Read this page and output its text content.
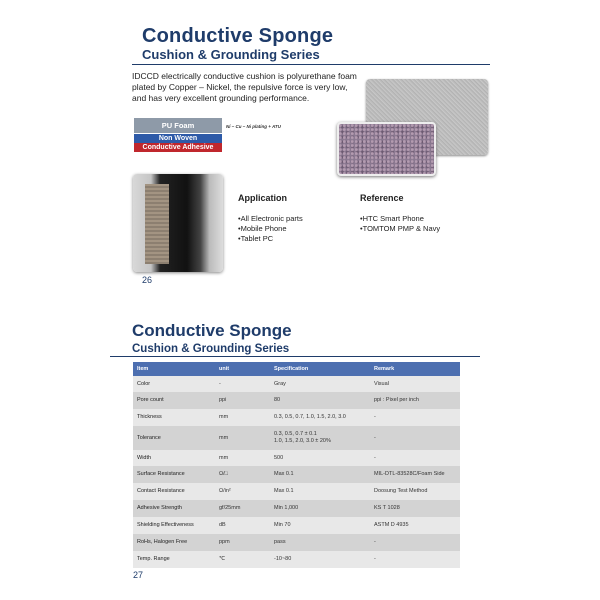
Conductive Sponge
Cushion & Grounding Series
IDCCD electrically conductive cushion is polyurethane foam plated by Copper – Nickel, the repulsive force is very low, and has very excellent grounding performance.
PU Foam
Non Woven
Conductive Adhesive
Ni – Cu – Ni plating + ATU
26
Application
•All Electronic parts
•Mobile Phone
•Tablet PC
Reference
•HTC Smart Phone
•TOMTOM PMP & Navy
Conductive Sponge
Cushion & Grounding Series
Item	unit	Specification	Remark
Color	-	Gray	Visual
Pore count	ppi	80	ppi : Pixel per inch
Thickness	mm	0.3, 0.5, 0.7, 1.0, 1.5, 2.0, 3.0	-
Tolerance	mm	0.3, 0.5, 0.7 ± 0.1
1.0, 1.5, 2.0, 3.0 ± 20%	-
Width	mm	500	-
Surface Resistance	Ω/□	Max 0.1	MIL-DTL-83528C/Foam Side
Contact Resistance	Ω/in²	Max 0.1	Doosung Test Method
Adhesive Strength	gf/25mm	Min 1,000	KS T 1028
Shielding Effectiveness	dB	Min 70	ASTM D 4935
RoHs, Halogen Free	ppm	pass	-
Temp. Range	℃	-10~80	-
27
